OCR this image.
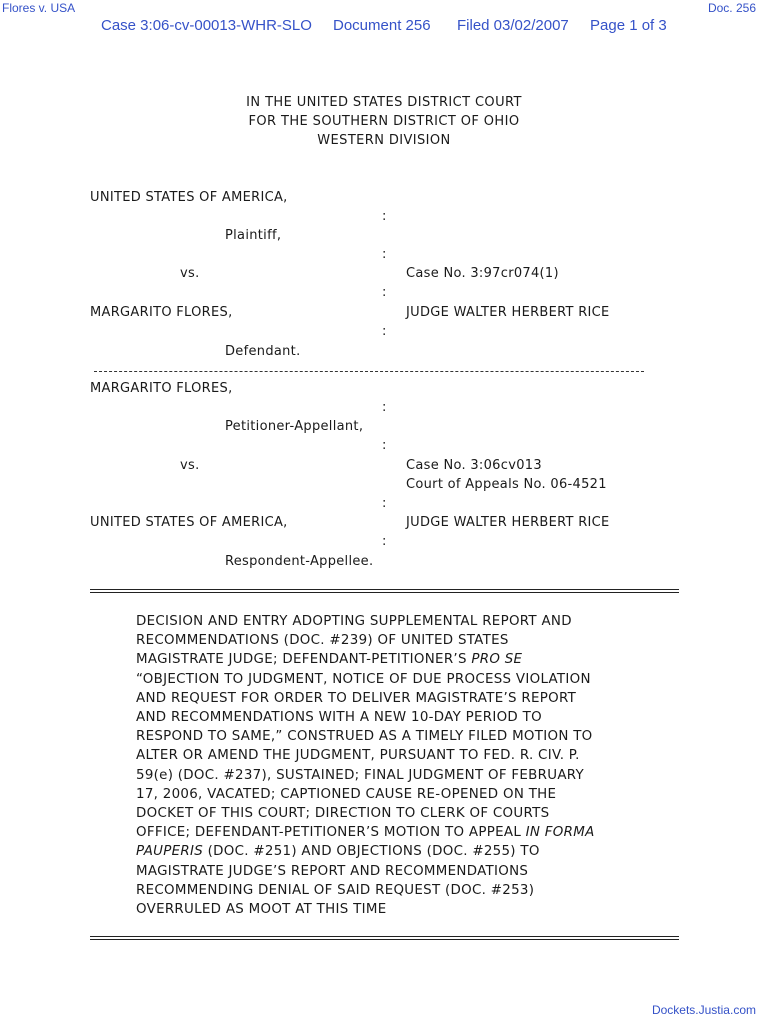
Flores v. USA	Doc. 256
Case 3:06-cv-00013-WHR-SLO Document 256 Filed 03/02/2007 Page 1 of 3
IN THE UNITED STATES DISTRICT COURT
FOR THE SOUTHERN DISTRICT OF OHIO
WESTERN DIVISION
UNITED STATES OF AMERICA,
:
Plaintiff,
:
vs.	Case No. 3:97cr074(1)
:
MARGARITO FLORES,	JUDGE WALTER HERBERT RICE
:
Defendant.
MARGARITO FLORES,
:
Petitioner-Appellant,
:
vs.	Case No. 3:06cv013
Court of Appeals No. 06-4521
:
UNITED STATES OF AMERICA,	JUDGE WALTER HERBERT RICE
:
Respondent-Appellee.
DECISION AND ENTRY ADOPTING SUPPLEMENTAL REPORT AND
RECOMMENDATIONS (DOC. #239) OF UNITED STATES
MAGISTRATE JUDGE; DEFENDANT-PETITIONER’S PRO SE
“OBJECTION TO JUDGMENT, NOTICE OF DUE PROCESS VIOLATION
AND REQUEST FOR ORDER TO DELIVER MAGISTRATE’S REPORT
AND RECOMMENDATIONS WITH A NEW 10-DAY PERIOD TO
RESPOND TO SAME,” CONSTRUED AS A TIMELY FILED MOTION TO
ALTER OR AMEND THE JUDGMENT, PURSUANT TO FED. R. CIV. P.
59(e) (DOC. #237), SUSTAINED; FINAL JUDGMENT OF FEBRUARY
17, 2006, VACATED; CAPTIONED CAUSE RE-OPENED ON THE
DOCKET OF THIS COURT; DIRECTION TO CLERK OF COURTS
OFFICE; DEFENDANT-PETITIONER’S MOTION TO APPEAL IN FORMA
PAUPERIS (DOC. #251) AND OBJECTIONS (DOC. #255) TO
MAGISTRATE JUDGE’S REPORT AND RECOMMENDATIONS
RECOMMENDING DENIAL OF SAID REQUEST (DOC. #253)
OVERRULED AS MOOT AT THIS TIME
Dockets.Justia.com
